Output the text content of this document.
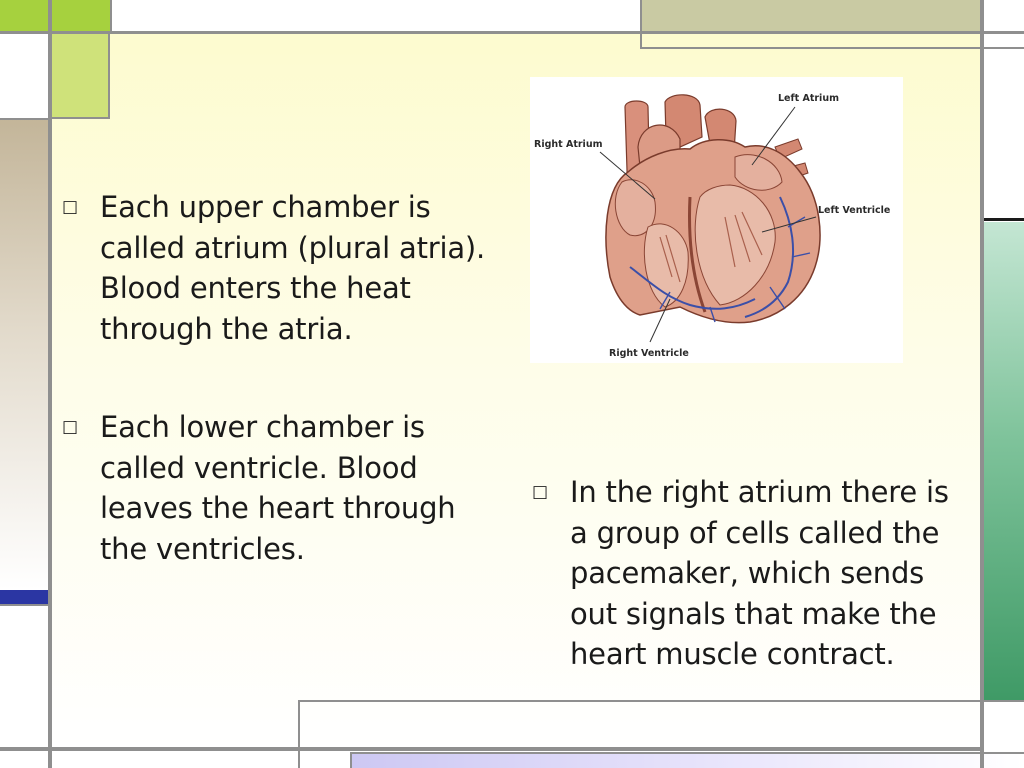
□ Each upper chamber is called atrium (plural atria). Blood enters the heat through the atria.
□ Each lower chamber is called ventricle. Blood leaves the heart through the ventricles.
□ In the right atrium there is a group of cells called the pacemaker, which sends out signals that make the heart muscle contract.
Left Atrium
Right Atrium
Left Ventricle
Right Ventricle
